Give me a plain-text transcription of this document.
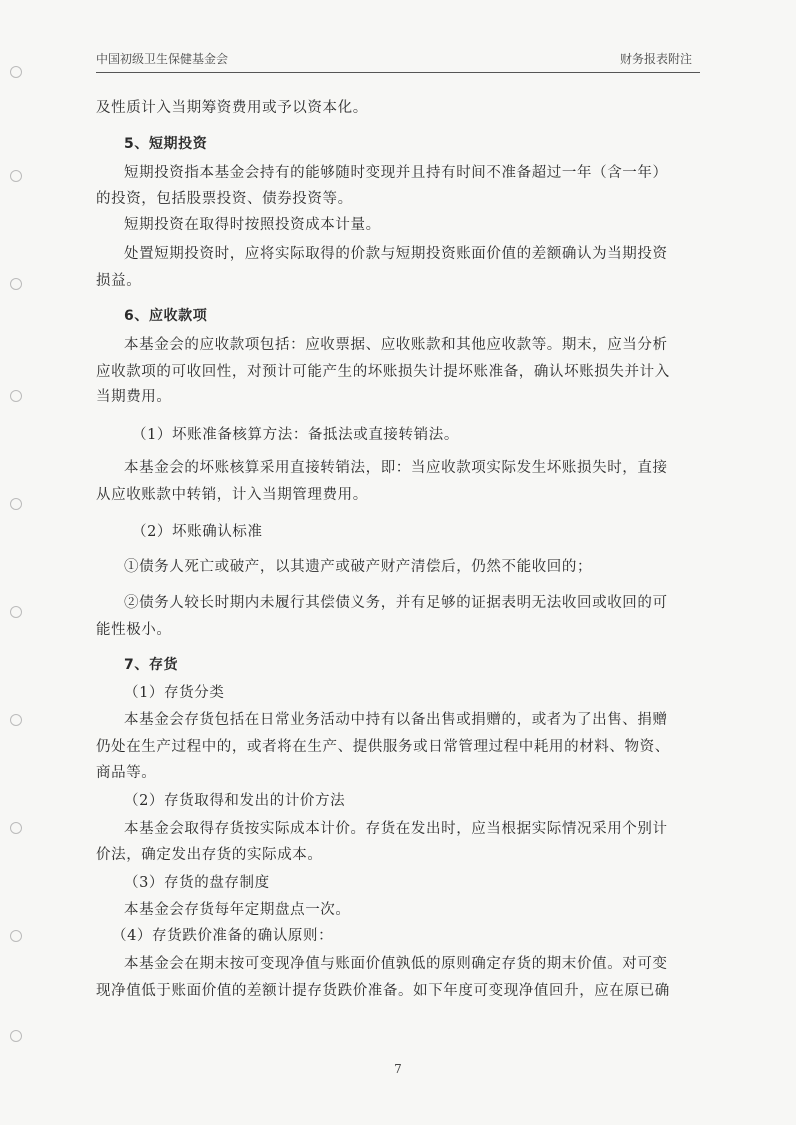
中国初级卫生保健基金会	财务报表附注
及性质计入当期筹资费用或予以资本化。
5、短期投资
短期投资指本基金会持有的能够随时变现并且持有时间不准备超过一年（含一年）
的投资，包括股票投资、债券投资等。
短期投资在取得时按照投资成本计量。
处置短期投资时，应将实际取得的价款与短期投资账面价值的差额确认为当期投资
损益。
6、应收款项
本基金会的应收款项包括：应收票据、应收账款和其他应收款等。期末，应当分析
应收款项的可收回性，对预计可能产生的坏账损失计提坏账准备，确认坏账损失并计入
当期费用。
（1）坏账准备核算方法：备抵法或直接转销法。
本基金会的坏账核算采用直接转销法，即：当应收款项实际发生坏账损失时，直接
从应收账款中转销，计入当期管理费用。
（2）坏账确认标准
①债务人死亡或破产，以其遗产或破产财产清偿后，仍然不能收回的；
②债务人较长时期内未履行其偿债义务，并有足够的证据表明无法收回或收回的可
能性极小。
7、存货
（1）存货分类
本基金会存货包括在日常业务活动中持有以备出售或捐赠的，或者为了出售、捐赠
仍处在生产过程中的，或者将在生产、提供服务或日常管理过程中耗用的材料、物资、
商品等。
（2）存货取得和发出的计价方法
本基金会取得存货按实际成本计价。存货在发出时，应当根据实际情况采用个别计
价法，确定发出存货的实际成本。
（3）存货的盘存制度
本基金会存货每年定期盘点一次。
（4）存货跌价准备的确认原则：
本基金会在期末按可变现净值与账面价值孰低的原则确定存货的期末价值。对可变
现净值低于账面价值的差额计提存货跌价准备。如下年度可变现净值回升，应在原已确
7
